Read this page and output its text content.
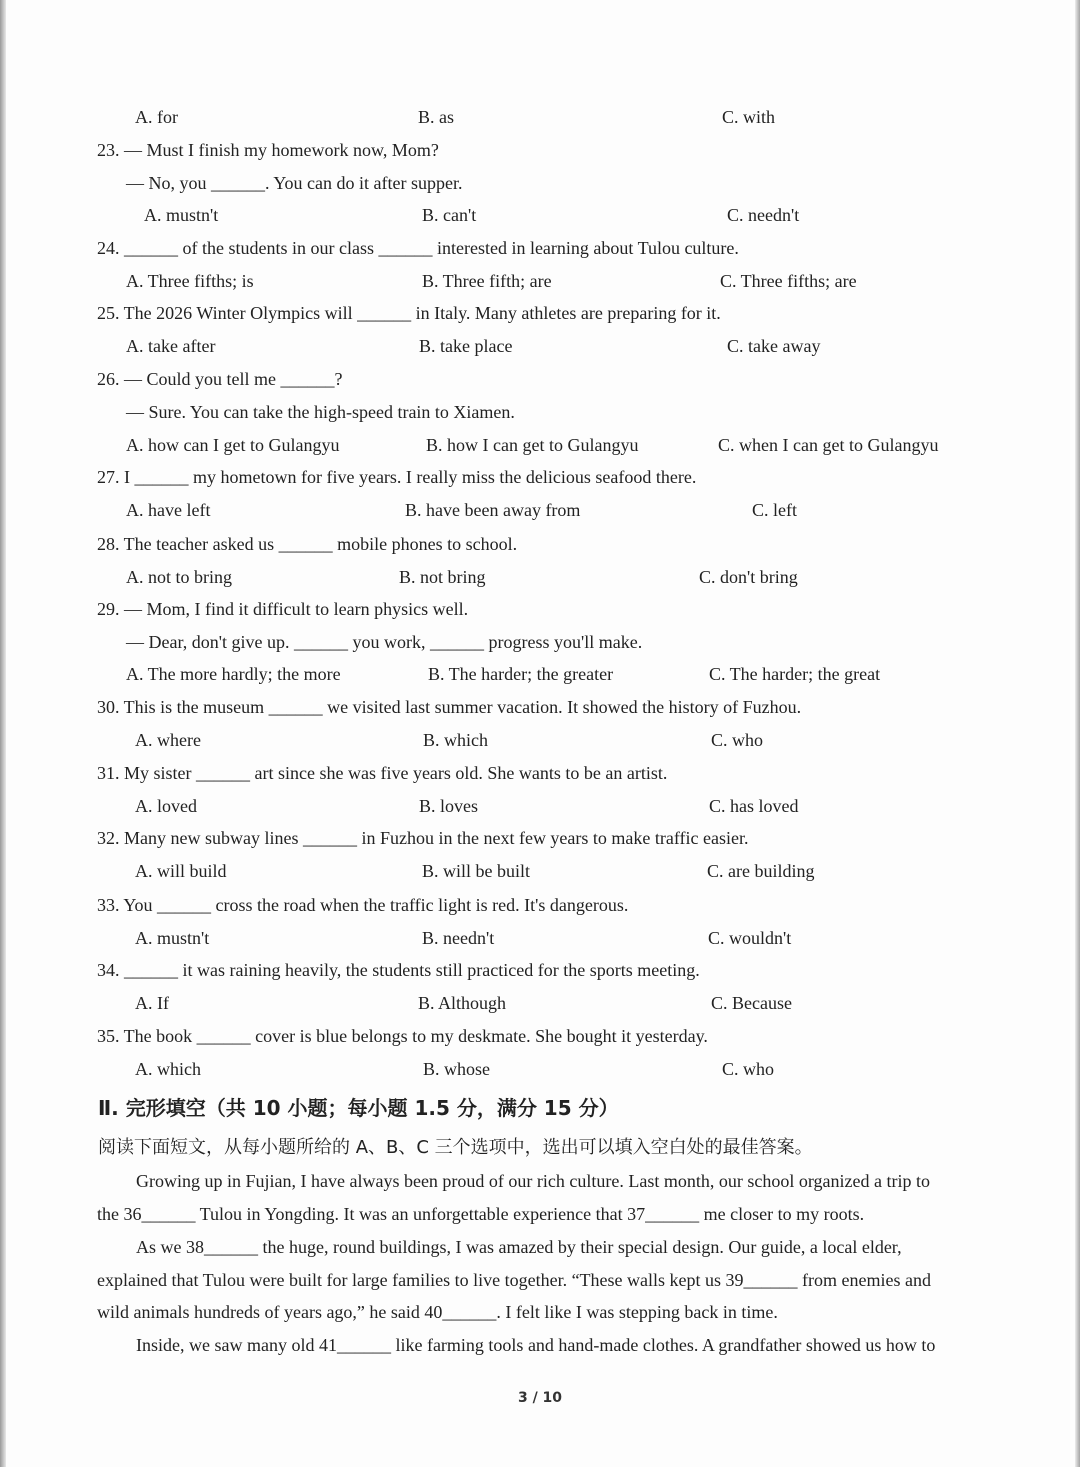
A. for	B. as	C. with
23. — Must I finish my homework now, Mom?
— No, you ______. You can do it after supper.
A. mustn't	B. can't	C. needn't
24. ______ of the students in our class ______ interested in learning about Tulou culture.
A. Three fifths; is	B. Three fifth; are	C. Three fifths; are
25. The 2026 Winter Olympics will ______ in Italy. Many athletes are preparing for it.
A. take after	B. take place	C. take away
26. — Could you tell me ______?
— Sure. You can take the high-speed train to Xiamen.
A. how can I get to Gulangyu	B. how I can get to Gulangyu	C. when I can get to Gulangyu
27. I ______ my hometown for five years. I really miss the delicious seafood there.
A. have left	B. have been away from	C. left
28. The teacher asked us ______ mobile phones to school.
A. not to bring	B. not bring	C. don't bring
29. — Mom, I find it difficult to learn physics well.
— Dear, don't give up. ______ you work, ______ progress you'll make.
A. The more hardly; the more	B. The harder; the greater	C. The harder; the great
30. This is the museum ______ we visited last summer vacation. It showed the history of Fuzhou.
A. where	B. which	C. who
31. My sister ______ art since she was five years old. She wants to be an artist.
A. loved	B. loves	C. has loved
32. Many new subway lines ______ in Fuzhou in the next few years to make traffic easier.
A. will build	B. will be built	C. are building
33. You ______ cross the road when the traffic light is red. It's dangerous.
A. mustn't	B. needn't	C. wouldn't
34. ______ it was raining heavily, the students still practiced for the sports meeting.
A. If	B. Although	C. Because
35. The book ______ cover is blue belongs to my deskmate. She bought it yesterday.
A. which	B. whose	C. who
Ⅱ. 完形填空（共 10 小题；每小题 1.5 分，满分 15 分）
阅读下面短文，从每小题所给的 A、B、C 三个选项中，选出可以填入空白处的最佳答案。
Growing up in Fujian, I have always been proud of our rich culture. Last month, our school organized a trip to
the 36______ Tulou in Yongding. It was an unforgettable experience that 37______ me closer to my roots.
As we 38______ the huge, round buildings, I was amazed by their special design. Our guide, a local elder,
explained that Tulou were built for large families to live together. “These walls kept us 39______ from enemies and
wild animals hundreds of years ago,” he said 40______. I felt like I was stepping back in time.
Inside, we saw many old 41______ like farming tools and hand-made clothes. A grandfather showed us how to
3 / 10
